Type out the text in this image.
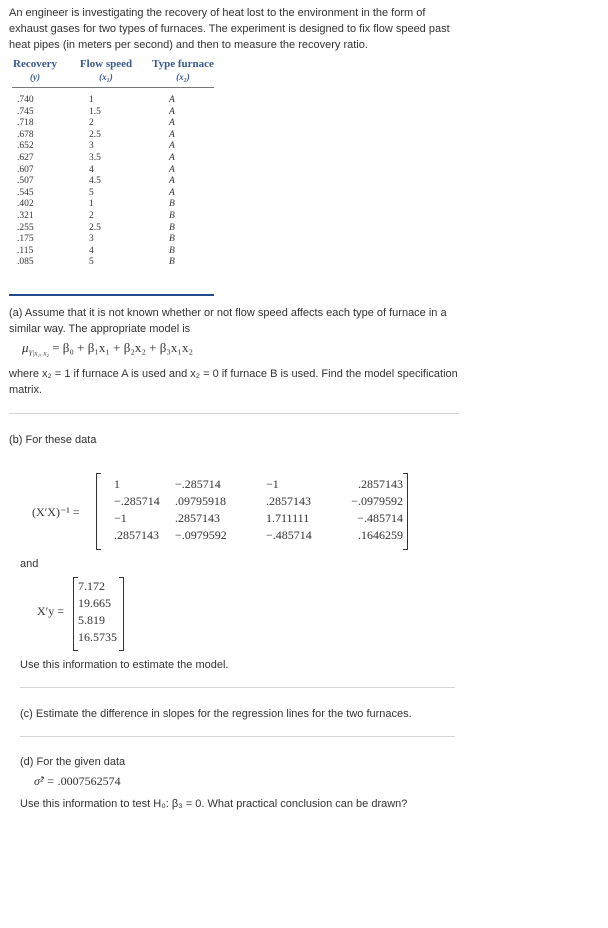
An engineer is investigating the recovery of heat lost to the environment in the form of exhaust gases for two types of furnaces. The experiment is designed to fix flow speed past heat pipes (in meters per second) and then to measure the recovery ratio.
Recovery	Flow speed	Type furnace
(y)	(x₁)	(x₂)
.740	1	A
.745	1.5	A
.718	2	A
.678	2.5	A
.652	3	A
.627	3.5	A
.607	4	A
.507	4.5	A
.545	5	A
.402	1	B
.321	2	B
.255	2.5	B
.175	3	B
.115	4	B
.085	5	B
(a) Assume that it is not known whether or not flow speed affects each type of furnace in a similar way. The appropriate model is
$\mu_{Y|x_1, x_2} = \beta_0 + \beta_1x_1 + \beta_2x_2 + \beta_3x_1x_2$
where x₂ = 1 if furnace A is used and x₂ = 0 if furnace B is used. Find the model specification matrix.
(b) For these data
(X′X)⁻¹ =
1	−.285714	−1	.2857143
−.285714	.09795918	.2857143	−.0979592
−1	.2857143	1.711111	−.485714
.2857143	−.0979592	−.485714	.1646259
and
X′y =
7.172
19.665
5.819
16.5735
Use this information to estimate the model.
(c) Estimate the difference in slopes for the regression lines for the two furnaces.
(d) For the given data
σ̂² = .0007562574
Use this information to test H₀: β₃ = 0. What practical conclusion can be drawn?
